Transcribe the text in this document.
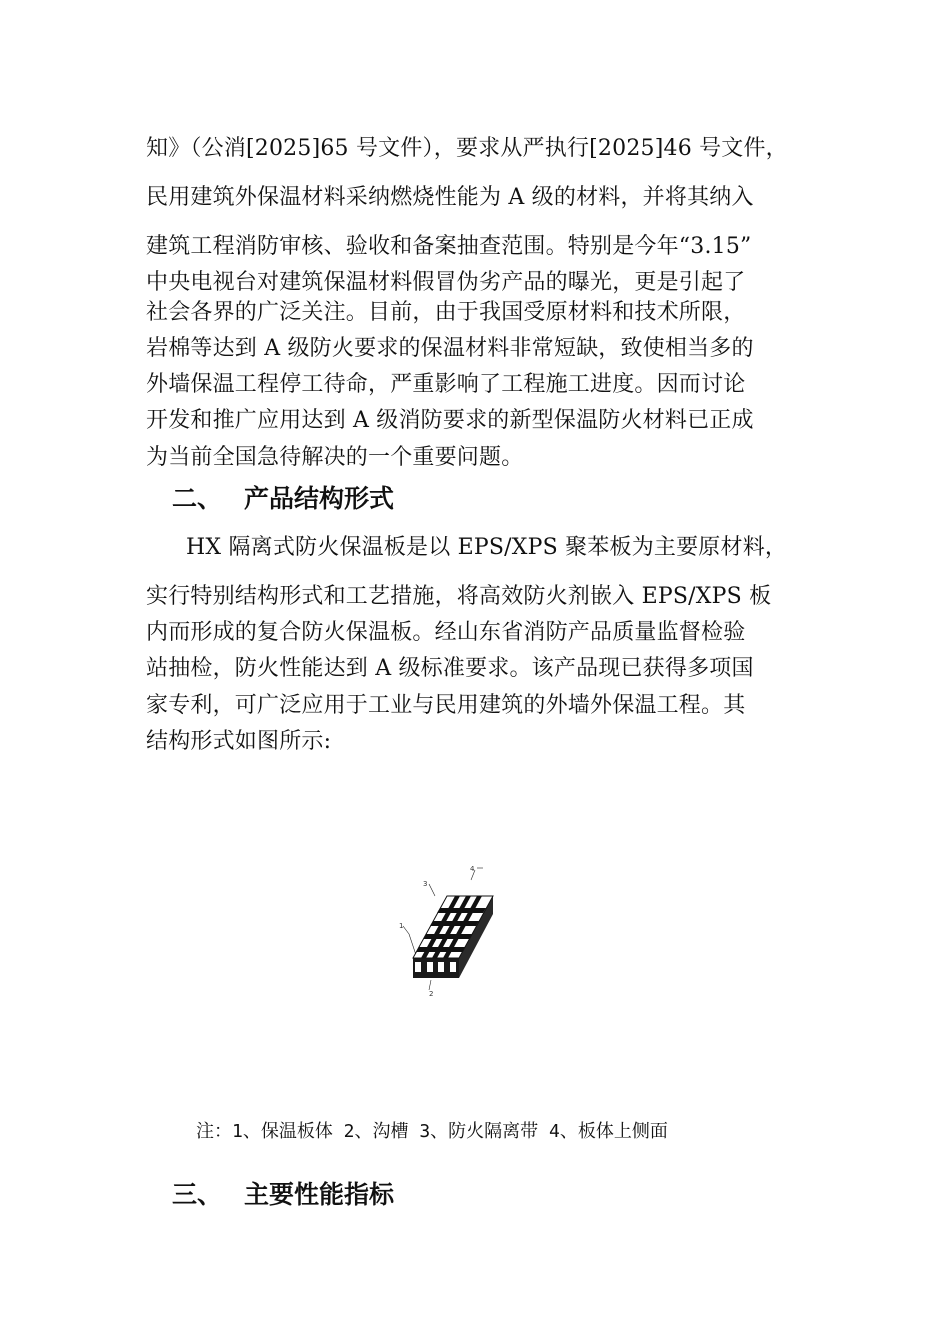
知》（公消[2025]65 号文件），要求从严执行[2025]46 号文件，
民用建筑外保温材料采纳燃烧性能为 A 级的材料，并将其纳入
建筑工程消防审核、验收和备案抽查范围。特别是今年“3.15”
中央电视台对建筑保温材料假冒伪劣产品的曝光，更是引起了
社会各界的广泛关注。目前，由于我国受原材料和技术所限，
岩棉等达到 A 级防火要求的保温材料非常短缺，致使相当多的
外墙保温工程停工待命，严重影响了工程施工进度。因而讨论
开发和推广应用达到 A 级消防要求的新型保温防火材料已正成
为当前全国急待解决的一个重要问题。
二、 产品结构形式
HX 隔离式防火保温板是以 EPS/XPS 聚苯板为主要原材料，
实行特别结构形式和工艺措施，将高效防火剂嵌入 EPS/XPS 板
内而形成的复合防火保温板。经山东省消防产品质量监督检验
站抽检，防火性能达到 A 级标准要求。该产品现已获得多项国
家专利，可广泛应用于工业与民用建筑的外墙外保温工程。其
结构形式如图所示:
4
3
1
2
注：1、保温板体 2、沟槽 3、防火隔离带 4、板体上侧面
三、 主要性能指标
